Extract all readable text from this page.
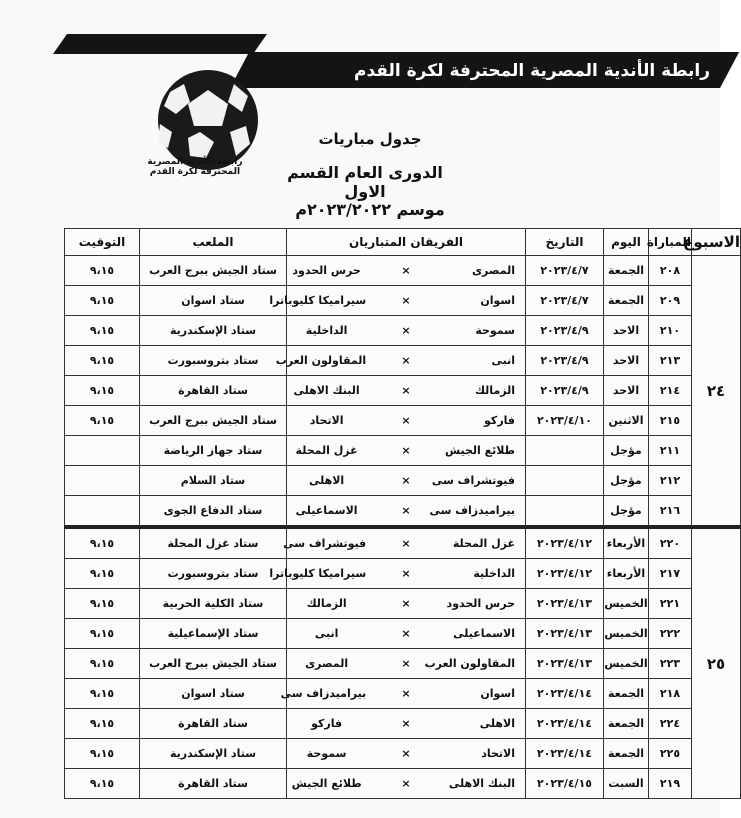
رابطة الأندية المصرية المحترفة لكرة القدم
رابطة الأندية المصرية المحترفة لكرة القدم
جدول مباريات
الدورى العام القسم الاول
موسم ٢٠٢٣/٢٠٢٢م
الاسبوع	المباراة	اليوم	التاريخ	الفريقان المتباريان			الملعب	التوقيت
٢٤	٢٠٨	الجمعة	٢٠٢٣/٤/٧	المصرى	×	حرس الحدود	ستاد الجيش ببرج العرب	٩،١٥
	٢٠٩	الجمعة	٢٠٢٣/٤/٧	اسوان	×	سيراميكا كليوباترا	ستاد اسوان	٩،١٥
	٢١٠	الاحد	٢٠٢٣/٤/٩	سموحة	×	الداخلية	ستاد الإسكندرية	٩،١٥
	٢١٣	الاحد	٢٠٢٣/٤/٩	انبى	×	المقاولون العرب	ستاد بتروسبورت	٩،١٥
	٢١٤	الاحد	٢٠٢٣/٤/٩	الزمالك	×	البنك الاهلى	ستاد القاهرة	٩،١٥
	٢١٥	الاثنين	٢٠٢٣/٤/١٠	فاركو	×	الاتحاد	ستاد الجيش ببرج العرب	٩،١٥
	٢١١	مؤجل		طلائع الجيش	×	غزل المحلة	ستاد جهاز الرياضة	
	٢١٢	مؤجل		فيوتشراف سى	×	الاهلى	ستاد السلام	
	٢١٦	مؤجل		بيراميدزاف سى	×	الاسماعيلى	ستاد الدفاع الجوى	
٢٥	٢٢٠	الأربعاء	٢٠٢٣/٤/١٢	غزل المحلة	×	فيوتشراف سى	ستاد غزل المحلة	٩،١٥
	٢١٧	الأربعاء	٢٠٢٣/٤/١٢	الداخلية	×	سيراميكا كليوباترا	ستاد بتروسبورت	٩،١٥
	٢٢١	الخميس	٢٠٢٣/٤/١٣	حرس الحدود	×	الزمالك	ستاد الكلية الحربية	٩،١٥
	٢٢٢	الخميس	٢٠٢٣/٤/١٣	الاسماعيلى	×	انبى	ستاد الإسماعيلية	٩،١٥
	٢٢٣	الخميس	٢٠٢٣/٤/١٣	المقاولون العرب	×	المصرى	ستاد الجيش ببرج العرب	٩،١٥
	٢١٨	الجمعة	٢٠٢٣/٤/١٤	اسوان	×	بيراميدزاف سى	ستاد اسوان	٩،١٥
	٢٢٤	الجمعة	٢٠٢٣/٤/١٤	الاهلى	×	فاركو	ستاد القاهرة	٩،١٥
	٢٢٥	الجمعة	٢٠٢٣/٤/١٤	الاتحاد	×	سموحة	ستاد الإسكندرية	٩،١٥
	٢١٩	السبت	٢٠٢٣/٤/١٥	البنك الاهلى	×	طلائع الجيش	ستاد القاهرة	٩،١٥
